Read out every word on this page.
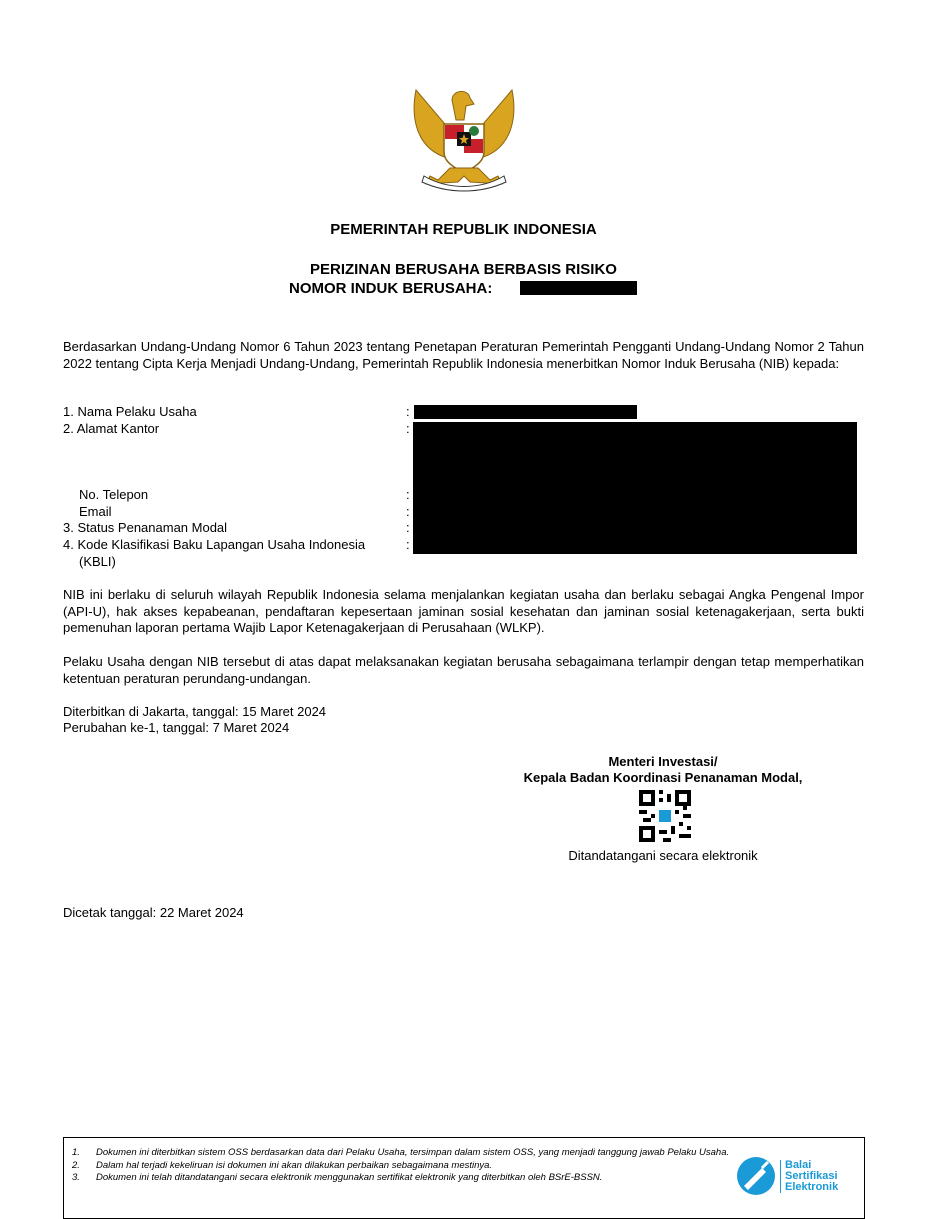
PEMERINTAH REPUBLIK INDONESIA
PERIZINAN BERUSAHA BERBASIS RISIKO
NOMOR INDUK BERUSAHA:
Berdasarkan Undang-Undang Nomor 6 Tahun 2023 tentang Penetapan Peraturan Pemerintah Pengganti Undang-Undang Nomor 2 Tahun 2022 tentang Cipta Kerja Menjadi Undang-Undang, Pemerintah Republik Indonesia menerbitkan Nomor Induk Berusaha (NIB) kepada:
1. Nama Pelaku Usaha
2. Alamat Kantor
No. Telepon
Email
3. Status Penanaman Modal
4. Kode Klasifikasi Baku Lapangan Usaha Indonesia
(KBLI)
:
:
:
:
:
:
NIB ini berlaku di seluruh wilayah Republik Indonesia selama menjalankan kegiatan usaha dan berlaku sebagai Angka Pengenal Impor (API-U), hak akses kepabeanan, pendaftaran kepesertaan jaminan sosial kesehatan dan jaminan sosial ketenagakerjaan, serta bukti pemenuhan laporan pertama Wajib Lapor Ketenagakerjaan di Perusahaan (WLKP).
Pelaku Usaha dengan NIB tersebut di atas dapat melaksanakan kegiatan berusaha sebagaimana terlampir dengan tetap memperhatikan ketentuan peraturan perundang-undangan.
Diterbitkan di Jakarta, tanggal: 15 Maret 2024
Perubahan ke-1, tanggal: 7 Maret 2024
Menteri Investasi/
Kepala Badan Koordinasi Penanaman Modal,
Ditandatangani secara elektronik
Dicetak tanggal: 22 Maret 2024
1. Dokumen ini diterbitkan sistem OSS berdasarkan data dari Pelaku Usaha, tersimpan dalam sistem OSS, yang menjadi tanggung jawab Pelaku Usaha.
2. Dalam hal terjadi kekeliruan isi dokumen ini akan dilakukan perbaikan sebagaimana mestinya.
3. Dokumen ini telah ditandatangani secara elektronik menggunakan sertifikat elektronik yang diterbitkan oleh BSrE-BSSN.
Balai
Sertifikasi
Elektronik
